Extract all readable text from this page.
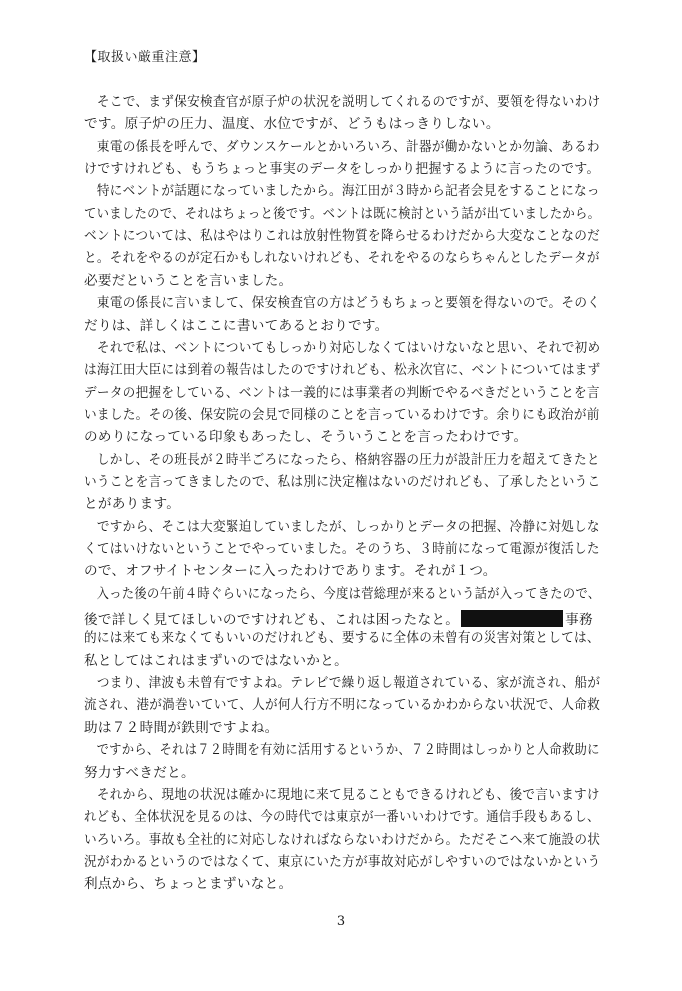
【取扱い厳重注意】
　そこで、まず保安検査官が原子炉の状況を説明してくれるのですが、要領を得ないわけ
です。原子炉の圧力、温度、水位ですが、どうもはっきりしない。
　東電の係長を呼んで、ダウンスケールとかいろいろ、計器が働かないとか勿論、あるわ
けですけれども、もうちょっと事実のデータをしっかり把握するように言ったのです。
　特にベントが話題になっていましたから。海江田が３時から記者会見をすることになっ
ていましたので、それはちょっと後です。ベントは既に検討という話が出ていましたから。
ベントについては、私はやはりこれは放射性物質を降らせるわけだから大変なことなのだ
と。それをやるのが定石かもしれないけれども、それをやるのならちゃんとしたデータが
必要だということを言いました。
　東電の係長に言いまして、保安検査官の方はどうもちょっと要領を得ないので。そのく
だりは、詳しくはここに書いてあるとおりです。
　それで私は、ベントについてもしっかり対応しなくてはいけないなと思い、それで初め
は海江田大臣には到着の報告はしたのですけれども、松永次官に、ベントについてはまず
データの把握をしている、ベントは一義的には事業者の判断でやるべきだということを言
いました。その後、保安院の会見で同様のことを言っているわけです。余りにも政治が前
のめりになっている印象もあったし、そういうことを言ったわけです。
　しかし、その班長が２時半ごろになったら、格納容器の圧力が設計圧力を超えてきたと
いうことを言ってきましたので、私は別に決定権はないのだけれども、了承したというこ
とがあります。
　ですから、そこは大変緊迫していましたが、しっかりとデータの把握、冷静に対処しな
くてはいけないということでやっていました。そのうち、３時前になって電源が復活した
ので、オフサイトセンターに入ったわけであります。それが１つ。
　入った後の午前４時ぐらいになったら、今度は菅総理が来るという話が入ってきたので、
後で詳しく見てほしいのですけれども、これは困ったなと。	事務
的には来ても来なくてもいいのだけれども、要するに全体の未曾有の災害対策としては、
私としてはこれはまずいのではないかと。
　つまり、津波も未曾有ですよね。テレビで繰り返し報道されている、家が流され、船が
流され、港が渦巻いていて、人が何人行方不明になっているかわからない状況で、人命救
助は７２時間が鉄則ですよね。
　ですから、それは７２時間を有効に活用するというか、７２時間はしっかりと人命救助に
努力すべきだと。
　それから、現地の状況は確かに現地に来て見ることもできるけれども、後で言いますけ
れども、全体状況を見るのは、今の時代では東京が一番いいわけです。通信手段もあるし、
いろいろ。事故も全社的に対応しなければならないわけだから。ただそこへ来て施設の状
況がわかるというのではなくて、東京にいた方が事故対応がしやすいのではないかという
利点から、ちょっとまずいなと。
3
